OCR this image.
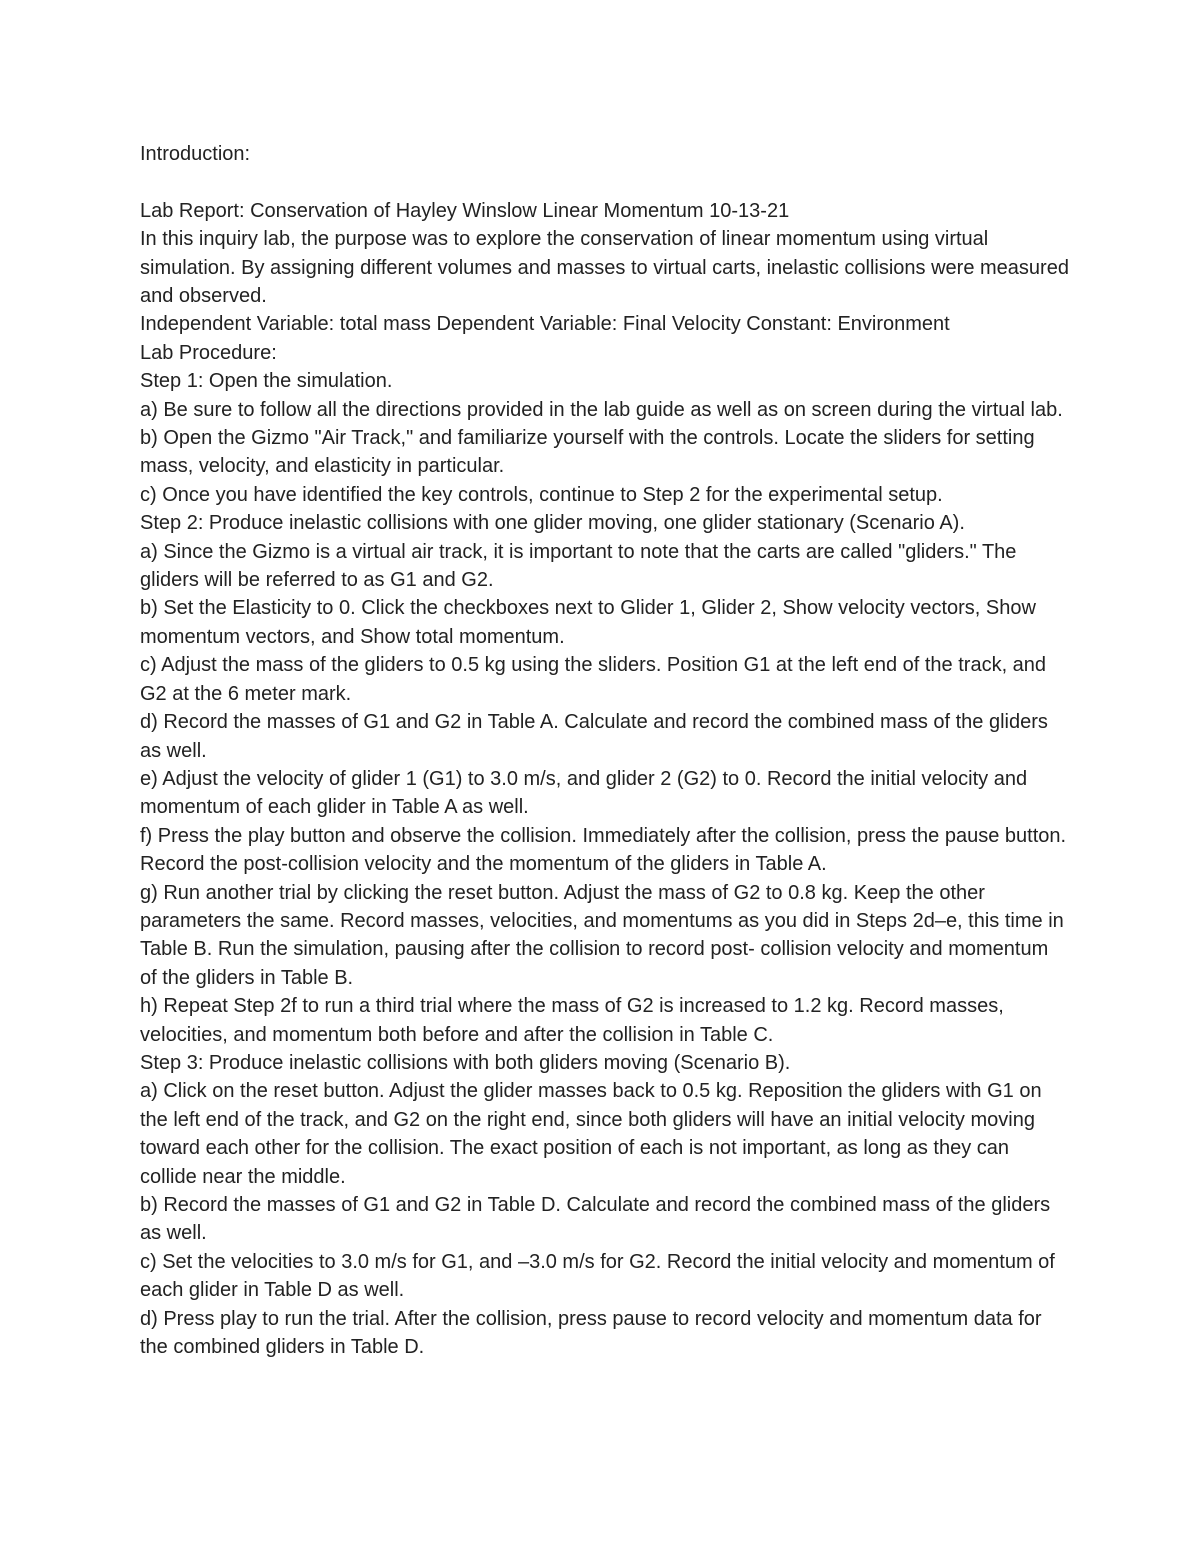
Introduction:

Lab Report: Conservation of Hayley Winslow Linear Momentum 10-13-21

In this inquiry lab, the purpose was to explore the conservation of linear momentum using virtual simulation. By assigning different volumes and masses to virtual carts, inelastic collisions were measured and observed.

Independent Variable: total mass Dependent Variable: Final Velocity Constant: Environment

Lab Procedure:

Step 1: Open the simulation.

a) Be sure to follow all the directions provided in the lab guide as well as on screen during the virtual lab.

b) Open the Gizmo "Air Track," and familiarize yourself with the controls. Locate the sliders for setting mass, velocity, and elasticity in particular.

c) Once you have identified the key controls, continue to Step 2 for the experimental setup.

Step 2: Produce inelastic collisions with one glider moving, one glider stationary (Scenario A).

a) Since the Gizmo is a virtual air track, it is important to note that the carts are called "gliders." The gliders will be referred to as G1 and G2.

b) Set the Elasticity to 0. Click the checkboxes next to Glider 1, Glider 2, Show velocity vectors, Show momentum vectors, and Show total momentum.

c) Adjust the mass of the gliders to 0.5 kg using the sliders. Position G1 at the left end of the track, and G2 at the 6 meter mark.

d) Record the masses of G1 and G2 in Table A. Calculate and record the combined mass of the gliders as well.

e) Adjust the velocity of glider 1 (G1) to 3.0 m/s, and glider 2 (G2) to 0. Record the initial velocity and momentum of each glider in Table A as well.

f) Press the play button and observe the collision. Immediately after the collision, press the pause button. Record the post-collision velocity and the momentum of the gliders in Table A.

g) Run another trial by clicking the reset button. Adjust the mass of G2 to 0.8 kg. Keep the other parameters the same. Record masses, velocities, and momentums as you did in Steps 2d–e, this time in Table B. Run the simulation, pausing after the collision to record post- collision velocity and momentum of the gliders in Table B.

h) Repeat Step 2f to run a third trial where the mass of G2 is increased to 1.2 kg. Record masses, velocities, and momentum both before and after the collision in Table C.

Step 3: Produce inelastic collisions with both gliders moving (Scenario B).

a) Click on the reset button. Adjust the glider masses back to 0.5 kg. Reposition the gliders with G1 on the left end of the track, and G2 on the right end, since both gliders will have an initial velocity moving toward each other for the collision. The exact position of each is not important, as long as they can collide near the middle.

b) Record the masses of G1 and G2 in Table D. Calculate and record the combined mass of the gliders as well.

c) Set the velocities to 3.0 m/s for G1, and –3.0 m/s for G2. Record the initial velocity and momentum of each glider in Table D as well.

d) Press play to run the trial. After the collision, press pause to record velocity and momentum data for the combined gliders in Table D.
